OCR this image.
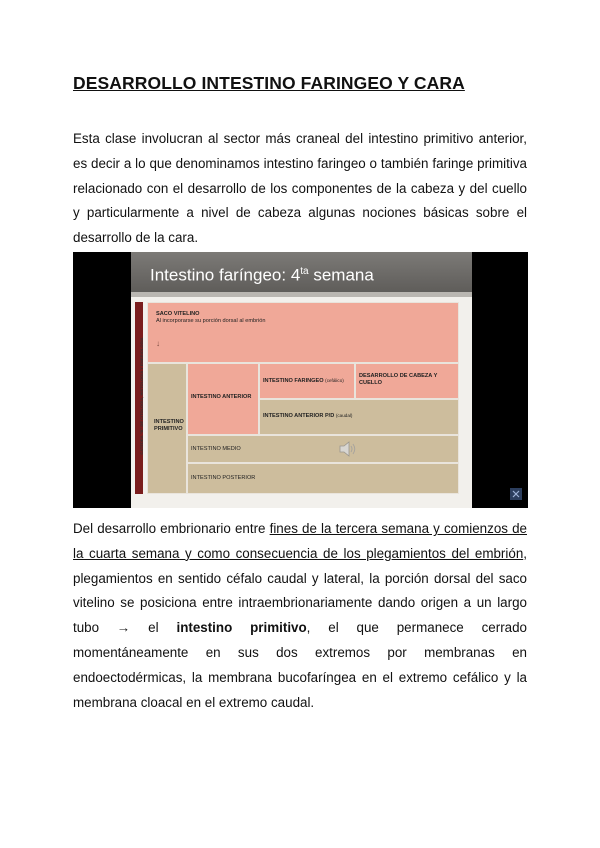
DESARROLLO INTESTINO FARINGEO Y CARA
Esta clase involucran al sector más craneal del intestino primitivo anterior, es decir a lo que denominamos intestino faringeo o también faringe primitiva relacionado con el desarrollo de los componentes de la cabeza y del cuello y particularmente a nivel de cabeza algunas nociones básicas sobre el desarrollo de la cara.
Intestino faríngeo: $4^{ta}$ semana
CATEDRA "B" DE CITOLOGIA, HISTOLOGIA Y EMBRIOLOGIA
SACO VITELINO
Al incorporarse su porción dorsal al embrión
↓
INTESTINO PRIMITIVO
INTESTINO ANTERIOR
INTESTINO FARINGEO (cefálico)
DESARROLLO DE CABEZA Y CUELLO
INTESTINO ANTERIOR P/D (caudal)
INTESTINO MEDIO
INTESTINO POSTERIOR
Del desarrollo embrionario entre fines de la tercera semana y comienzos de la cuarta semana y como consecuencia de los plegamientos del embrión, plegamientos en sentido céfalo caudal y lateral, la porción dorsal del saco vitelino se posiciona entre intraembrionariamente dando origen a un largo tubo → el intestino primitivo, el que permanece cerrado momentáneamente en sus dos extremos por membranas en endoectodérmicas, la membrana bucofaríngea en el extremo cefálico y la membrana cloacal en el extremo caudal.
